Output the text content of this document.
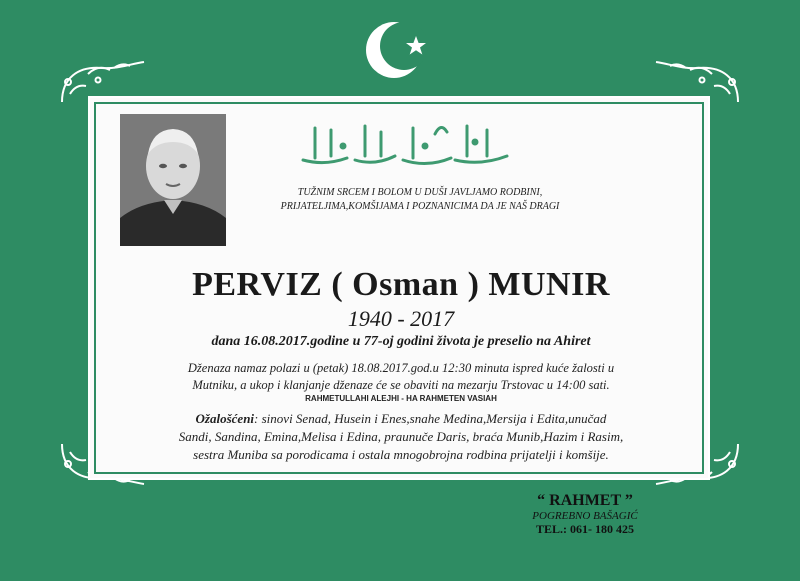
TUŽNIM SRCEM I BOLOM U DUŠI JAVLJAMO RODBINI,
PRIJATELJIMA,KOMŠIJAMA I POZNANICIMA DA JE NAŠ DRAGI
PERVIZ ( Osman ) MUNIR
1940 - 2017
dana 16.08.2017.godine u 77-oj godini života je preselio na Ahiret
Dženaza namaz polazi u (petak) 18.08.2017.god.u 12:30 minuta ispred kuće žalosti u
Mutniku, a ukop i klanjanje dženaze će se obaviti na mezarju Trstovac u 14:00 sati.
RAHMETULLAHI ALEJHI - HA RAHMETEN VASIAH
Ožalošćeni: sinovi Senad, Husein i Enes,snahe Medina,Mersija i Edita,unučad
Sandi, Sandina, Emina,Melisa i Edina, praunuče Daris, braća Munib,Hazim i Rasim,
sestra Muniba sa porodicama i ostala mnogobrojna rodbina prijatelji i komšije.
“ RAHMET ”
POGREBNO BAŠAGIĆ
TEL.: 061- 180 425
